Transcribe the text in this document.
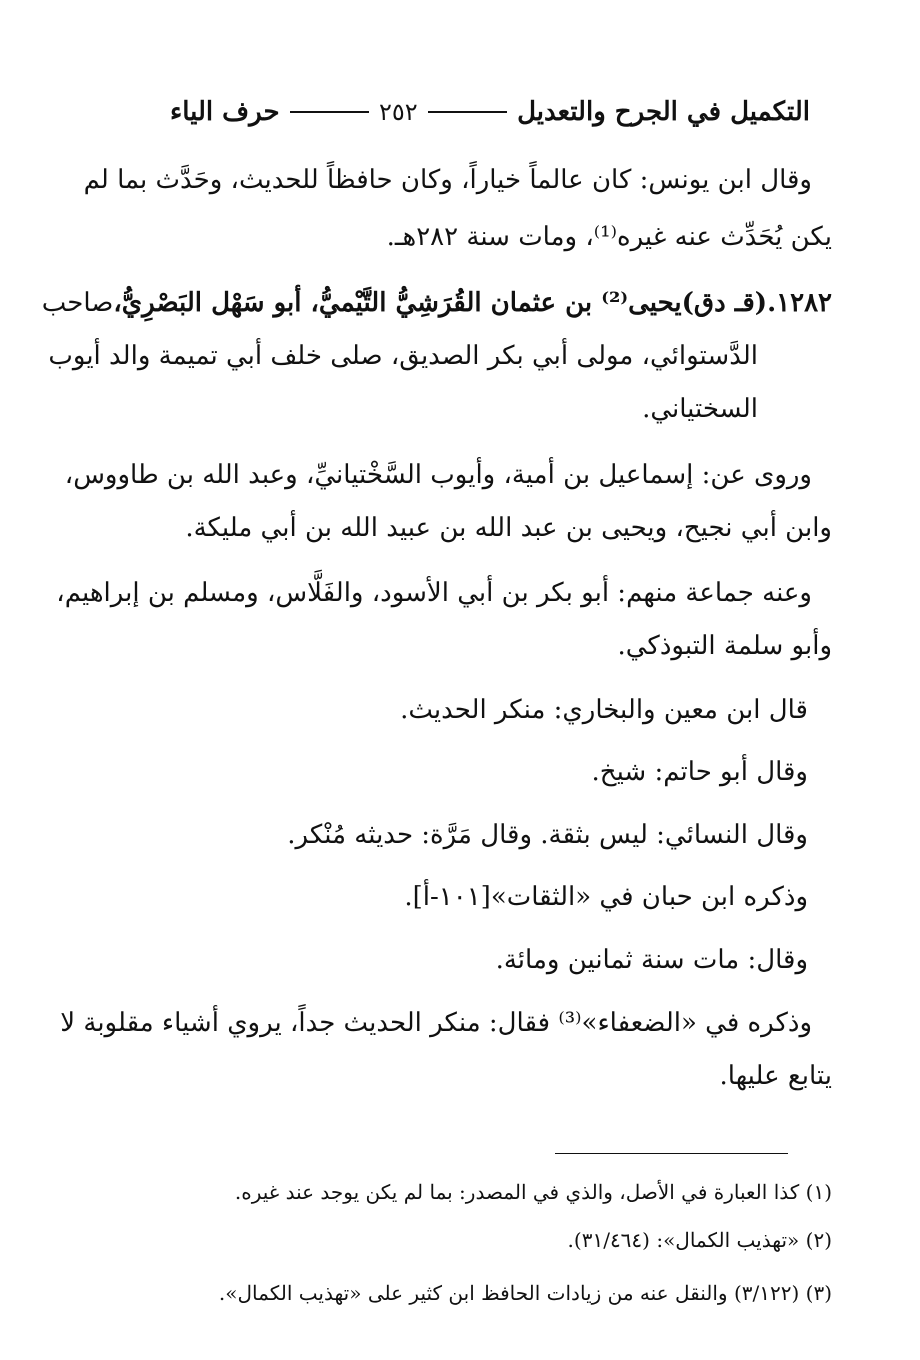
التكميل في الجرح والتعديل
٢٥٢
حرف الياء
وقال ابن يونس: كان عالماً خياراً، وكان حافظاً للحديث، وحَدَّث بما لم
يكن يُحَدِّث عنه غيره⁽¹⁾، ومات سنة ٢٨٢هـ.
١٢٨٢.
(قـ دق)
يحيى⁽²⁾ بن عثمان القُرَشِيُّ التَّيْميُّ، أبو سَهْل البَصْرِيُّ،
صاحب
الدَّستوائي، مولى أبي بكر الصديق، صلى خلف أبي تميمة والد أيوب
السختياني.
وروى عن: إسماعيل بن أمية، وأيوب السَّخْتيانيِّ، وعبد الله بن طاووس،
وابن أبي نجيح، ويحيى بن عبد الله بن عبيد الله بن أبي مليكة.
وعنه جماعة منهم: أبو بكر بن أبي الأسود، والفَلَّاس، ومسلم بن إبراهيم،
وأبو سلمة التبوذكي.
قال ابن معين والبخاري: منكر الحديث.
وقال أبو حاتم: شيخ.
وقال النسائي: ليس بثقة. وقال مَرَّة: حديثه مُنْكر.
وذكره ابن حبان في «الثقات»[١٠١-أ].
وقال: مات سنة ثمانين ومائة.
وذكره في «الضعفاء»⁽³⁾ فقال: منكر الحديث جداً، يروي أشياء مقلوبة لا
يتابع عليها.
(١) كذا العبارة في الأصل، والذي في المصدر: بما لم يكن يوجد عند غيره.
(٢) «تهذيب الكمال»: (٣١/٤٦٤).
(٣) (٣/١٢٢) والنقل عنه من زيادات الحافظ ابن كثير على «تهذيب الكمال».
